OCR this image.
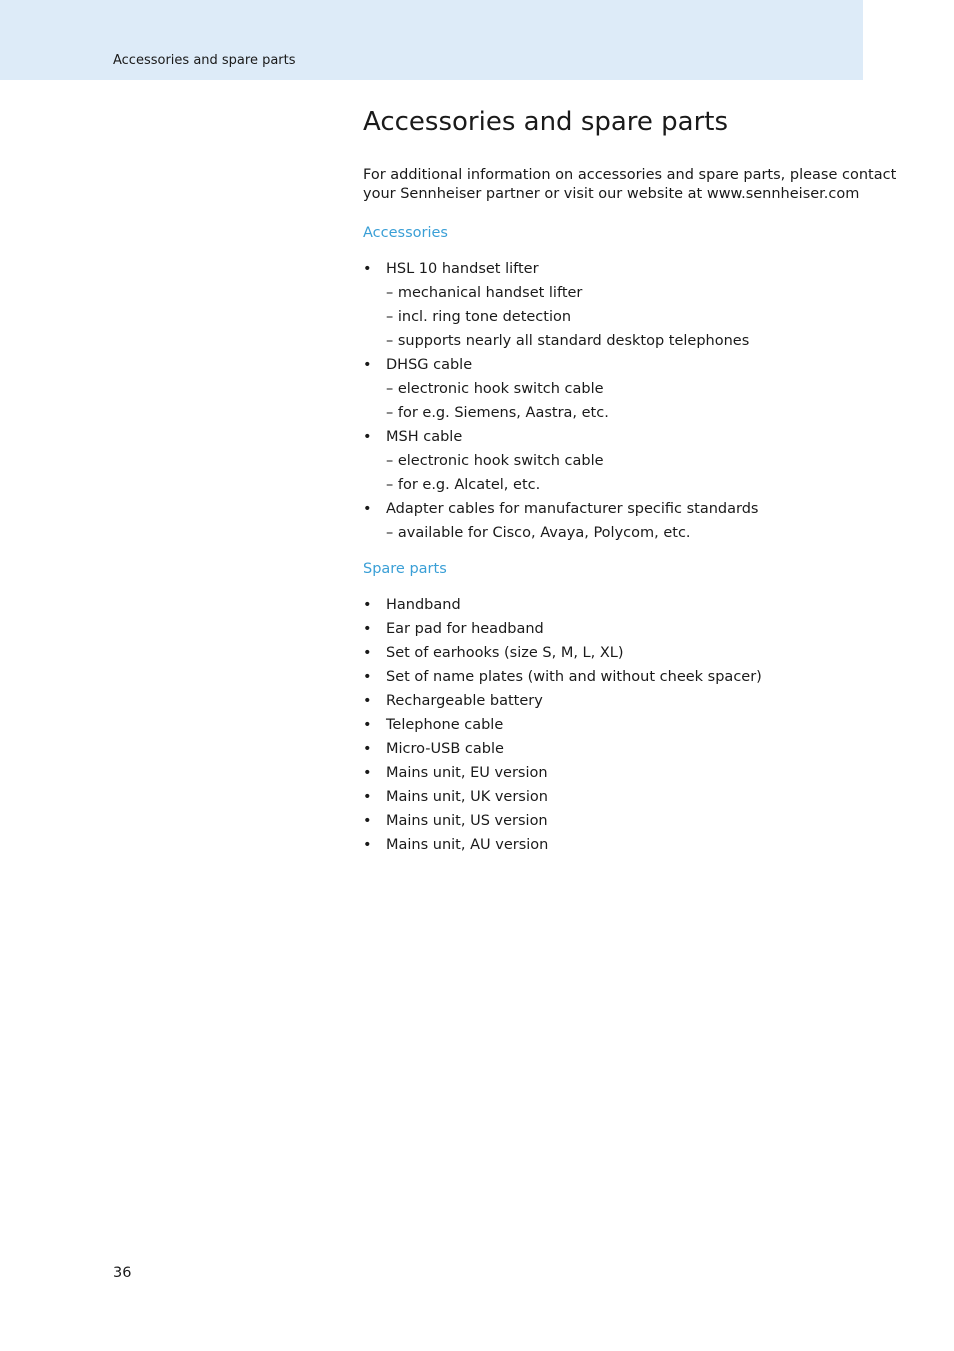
Accessories and spare parts
Accessories and spare parts

For additional information on accessories and spare parts, please contact
your Sennheiser partner or visit our website at www.sennheiser.com

Accessories
• HSL 10 handset lifter
– mechanical handset lifter
– incl. ring tone detection
– supports nearly all standard desktop telephones
• DHSG cable
– electronic hook switch cable
– for e.g. Siemens, Aastra, etc.
• MSH cable
– electronic hook switch cable
– for e.g. Alcatel, etc.
• Adapter cables for manufacturer specific standards
– available for Cisco, Avaya, Polycom, etc.
Spare parts
• Handband
• Ear pad for headband
• Set of earhooks (size S, M, L, XL)
• Set of name plates (with and without cheek spacer)
• Rechargeable battery
• Telephone cable
• Micro-USB cable
• Mains unit, EU version
• Mains unit, UK version
• Mains unit, US version
• Mains unit, AU version
36
